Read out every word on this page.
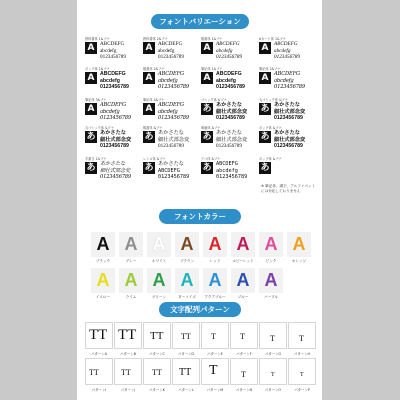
フォントバリエーション
教科書体 1&ブナ
A	ABCDEFG
abcdefg
0123456789
教科書体 2&ブナ
A	ABCDEFG
abcdefg
0123456789
楷書体 1&ブナ
A	ABCDEFG
abcdefg
0123456789
Aカード体 1&ブナ
A	ABCDEFG
abcdefg
0123456789
ポップ体 1&ブナ
A	ABCDEFG
abcdefg
0123456789
楷書体 2&ブナ
A	ABCDEFG
abcdefg
0123456789
筆記体 1&ブナ
A	ABCDEFG
abcdefg
0123456789
筆記体 2&ブナ
A	ABCDEFG
abcdefg
0123456789
筆記体 3&ブナ
A	ABCDEFG
abcdefg
0123456789
筆記体 4&ブナ
A	ABCDEFG
abcdefg
0123456789
ゴシック体 &ブナ
あ あかさたな
細壮式部念変
0123456789
丸ゴシック体 &ブナ
あ あかさたな
細壮式部念変
0123456789
丸ゴシック体 &ブナ
あ あかさたな
細壮式部念変
0123456789
楷書体 &ブナ
あ あかさたな
細壮式部念変
0123456789
明朝体 &ブナ
あ あかさたな
細壮式部念変
0123456789
ポップ体 &ブナ
あ あかさたな
細壮式部念変
0123456789
手書き 1&ブナ
あ あかさたな
細壮式部念変
0123456789
レトロ体 &ブナ
あ あかさたな
ABCDEFG
0123456789
デコ体 &ブナ
あ ABCDEFG
abcdefg
0123456789
ポップ体 &ブナ
あ
※ 筆記体、漢字、アルファベット
には対応しておりません
フォントカラー
A
ブラック
A
グレー
A
ホワイト
A
ブラウン
A
レッド
A
ルビーレッド
A
ピンク
A
オレンジ
A
イエロー
A
ライム
A
グリーン
A
ターコイズ
A
アクアブルー
A
ブルー
A
パープル
文字配列パターン
TT
パターンA
TT
パターンB
TT
パターンC
TT
パターンD
T
パターンE
T
パターンF
T
パターンG
T
パターンH
TT
パターンI
TT
パターンJ
TT
パターンK
TT
パターンL
T
パターンM
T
パターンN
T
パターンO
T
パターンP
